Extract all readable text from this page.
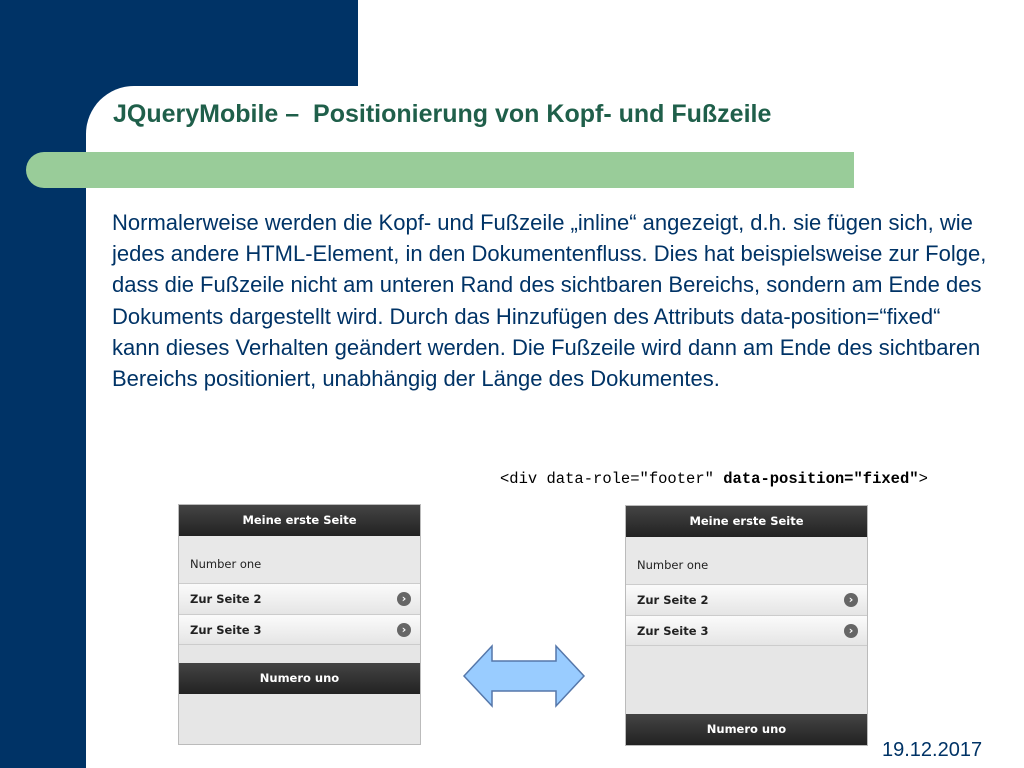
JQueryMobile –  Positionierung von Kopf- und Fußzeile

Normalerweise werden die Kopf- und Fußzeile „inline“ angezeigt, d.h. sie fügen sich, wie jedes andere HTML-Element, in den Dokumentenfluss. Dies hat beispielsweise zur Folge, dass die Fußzeile nicht am unteren Rand des sichtbaren Bereichs, sondern am Ende des Dokuments dargestellt wird. Durch das Hinzufügen des Attributs data-position=“fixed“ kann dieses Verhalten geändert werden. Die Fußzeile wird dann am Ende des sichtbaren Bereichs positioniert, unabhängig der Länge des Dokumentes.

<div data-role="footer" data-position="fixed">

Meine erste Seite
Number one
Zur Seite 2	›
Zur Seite 3	›
Numero uno
Meine erste Seite
Number one
Zur Seite 2	›
Zur Seite 3	›
Numero uno

19.12.2017
